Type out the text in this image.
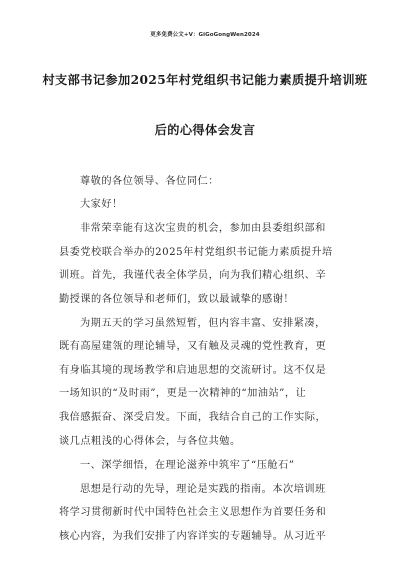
更多免费公文+V：GiGoGongWen2024
村支部书记参加2025年村党组织书记能力素质提升培训班
后的心得体会发言
尊敬的各位领导、各位同仁：
大家好！
非常荣幸能有这次宝贵的机会，参加由县委组织部和
县委党校联合举办的2025年村党组织书记能力素质提升培
训班。首先，我谨代表全体学员，向为我们精心组织、辛
勤授课的各位领导和老师们，致以最诚挚的感谢！
为期五天的学习虽然短暂，但内容丰富、安排紧凑，
既有高屋建瓴的理论辅导，又有触及灵魂的党性教育，更
有身临其境的现场教学和启迪思想的交流研讨。这不仅是
一场知识的“及时雨”，更是一次精神的“加油站”，让
我倍感振奋、深受启发。下面，我结合自己的工作实际，
谈几点粗浅的心得体会，与各位共勉。
一、深学细悟，在理论滋养中筑牢了“压舱石”
思想是行动的先导，理论是实践的指南。本次培训班
将学习贯彻新时代中国特色社会主义思想作为首要任务和
核心内容，为我们安排了内容详实的专题辅导。从习近平
